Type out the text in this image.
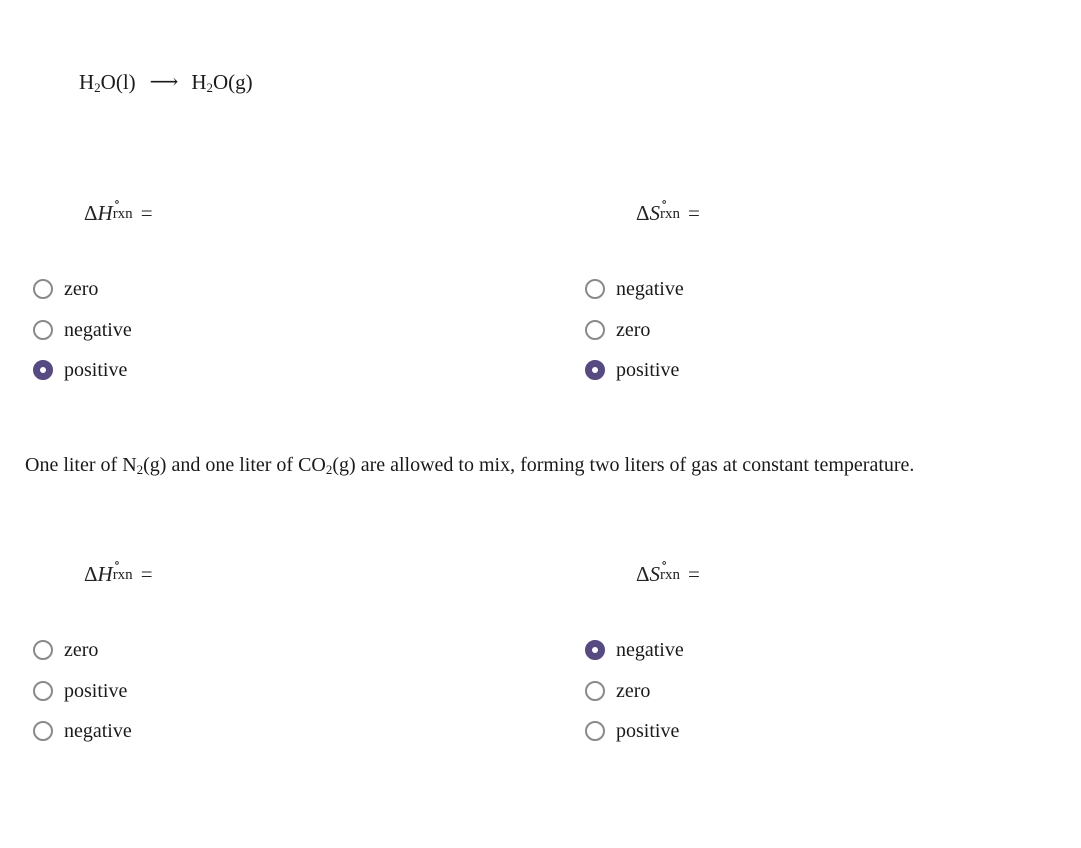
$H_2O(l)$ ⟶ $H_2O(g)$
ΔH ∘
rxn =	ΔS ∘
rxn =
zero
negative
positive
negative
zero
positive
One liter of $N_2(g)$ and one liter of $CO_2(g)$ are allowed to mix, forming two liters of gas at constant temperature.
ΔH ∘
rxn =	ΔS ∘
rxn =
zero
positive
negative
negative
zero
positive
